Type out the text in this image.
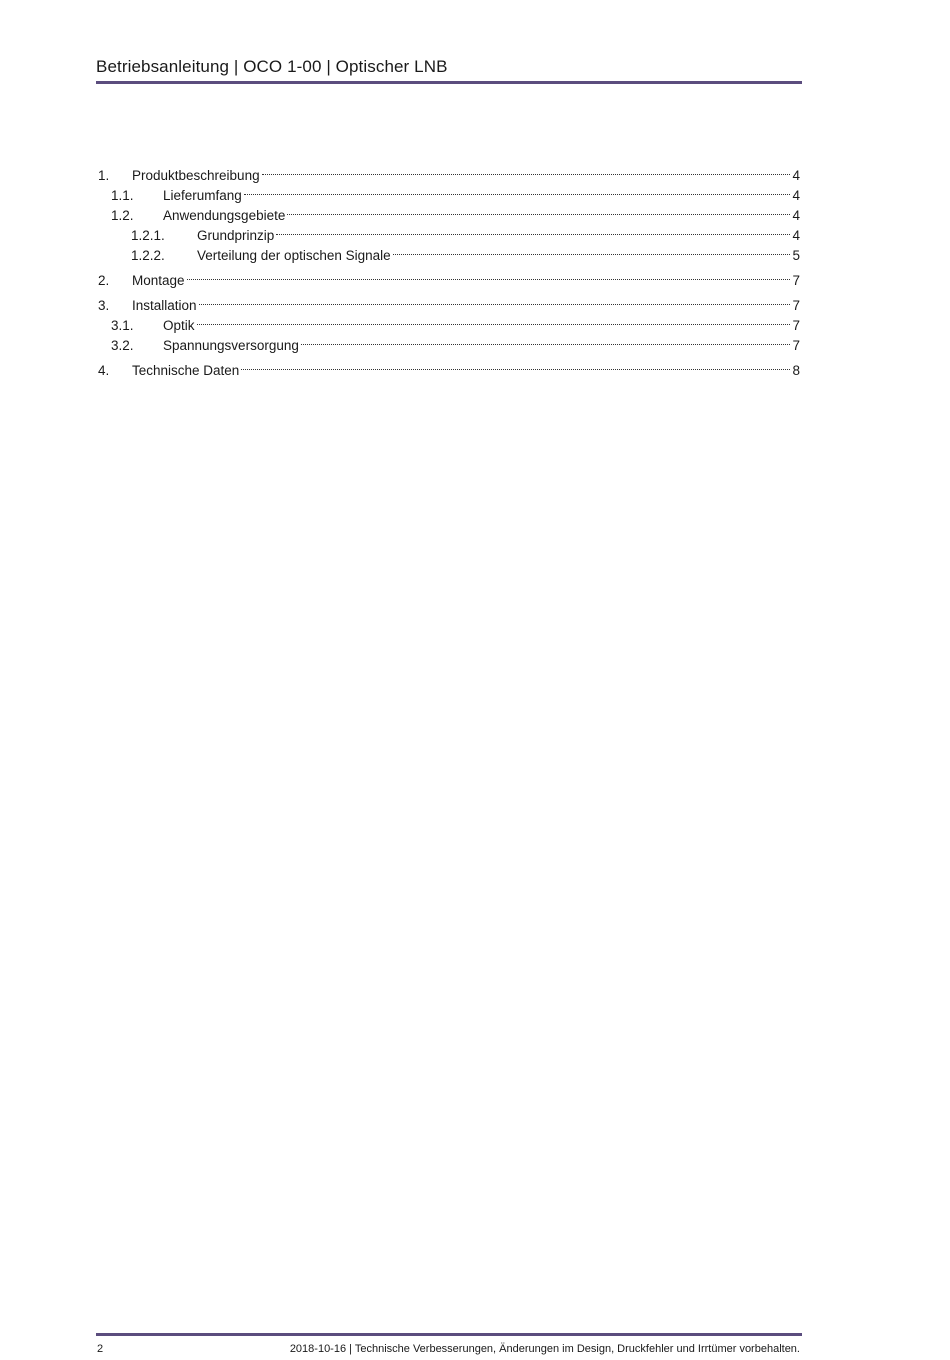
Betriebsanleitung | OCO 1-00 | Optischer LNB
1.	Produktbeschreibung	4
1.1.	Lieferumfang	4
1.2.	Anwendungsgebiete	4
1.2.1.	Grundprinzip	4
1.2.2.	Verteilung der optischen Signale	5
2.	Montage	7
3.	Installation	7
3.1.	Optik	7
3.2.	Spannungsversorgung	7
4.	Technische Daten	8
2	2018-10-16 | Technische Verbesserungen, Änderungen im Design, Druckfehler und Irrtümer vorbehalten.
